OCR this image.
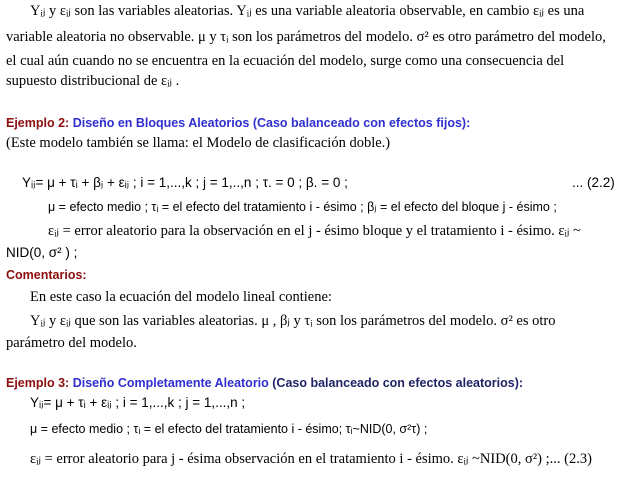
Yᵢⱼ y εᵢⱼ son las variables aleatorias. Yᵢⱼ es una variable aleatoria observable, en cambio εᵢⱼ es una
variable aleatoria no observable. μ y τᵢ son los parámetros del modelo. σ² es otro parámetro del modelo,
el cual aún cuando no se encuentra en la ecuación del modelo, surge como una consecuencia del
supuesto distribucional de εᵢⱼ .
Ejemplo 2: Diseño en Bloques Aleatorios (Caso balanceado con efectos fijos):
(Este modelo también se llama: el Modelo de clasificación doble.)
Yᵢⱼ= μ + τᵢ + βⱼ + εᵢⱼ ; i = 1,...,k ; j = 1,..,n ; τ. = 0 ; β. = 0 ;	... (2.2)
μ = efecto medio ; τᵢ = el efecto del tratamiento i - ésimo ; βⱼ = el efecto del bloque j - ésimo ;
εᵢⱼ = error aleatorio para la observación en el j - ésimo bloque y el tratamiento i - ésimo. εᵢⱼ ~
NID(0, σ² ) ;
Comentarios:
En este caso la ecuación del modelo lineal contiene:
Yᵢⱼ y εᵢⱼ que son las variables aleatorias. μ , βⱼ y τᵢ son los parámetros del modelo. σ² es otro
parámetro del modelo.
Ejemplo 3: Diseño Completamente Aleatorio (Caso balanceado con efectos aleatorios):
Yᵢⱼ= μ + τᵢ + εᵢⱼ ; i = 1,...,k ; j = 1,...,n ;
μ = efecto medio ; τᵢ = el efecto del tratamiento i - ésimo; τᵢ~NID(0, σ²τ) ;
εᵢⱼ = error aleatorio para j - ésima observación en el tratamiento i - ésimo. εᵢⱼ ~NID(0, σ²) ;... (2.3)
